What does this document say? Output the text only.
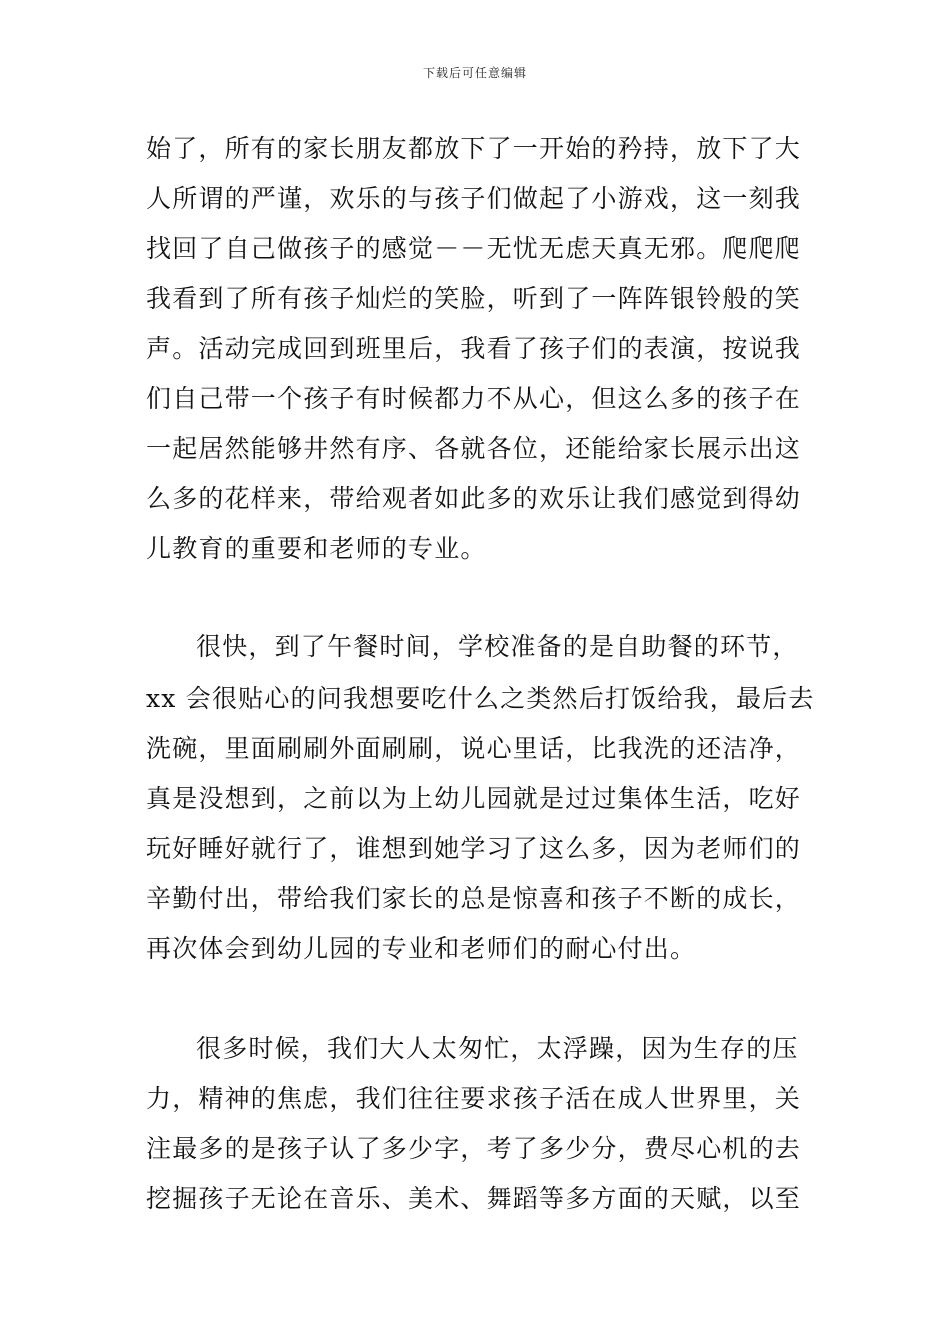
下载后可任意编辑
始了，所有的家长朋友都放下了一开始的矜持，放下了大
人所谓的严谨，欢乐的与孩子们做起了小游戏，这一刻我
找回了自己做孩子的感觉－－无忧无虑天真无邪。爬爬爬
我看到了所有孩子灿烂的笑脸，听到了一阵阵银铃般的笑
声。活动完成回到班里后，我看了孩子们的表演，按说我
们自己带一个孩子有时候都力不从心，但这么多的孩子在
一起居然能够井然有序、各就各位，还能给家长展示出这
么多的花样来，带给观者如此多的欢乐让我们感觉到得幼
儿教育的重要和老师的专业。
很快，到了午餐时间，学校准备的是自助餐的环节，
xx 会很贴心的问我想要吃什么之类然后打饭给我，最后去
洗碗，里面刷刷外面刷刷，说心里话，比我洗的还洁净，
真是没想到，之前以为上幼儿园就是过过集体生活，吃好
玩好睡好就行了，谁想到她学习了这么多，因为老师们的
辛勤付出，带给我们家长的总是惊喜和孩子不断的成长，
再次体会到幼儿园的专业和老师们的耐心付出。
很多时候，我们大人太匆忙，太浮躁，因为生存的压
力，精神的焦虑，我们往往要求孩子活在成人世界里，关
注最多的是孩子认了多少字，考了多少分，费尽心机的去
挖掘孩子无论在音乐、美术、舞蹈等多方面的天赋，以至
